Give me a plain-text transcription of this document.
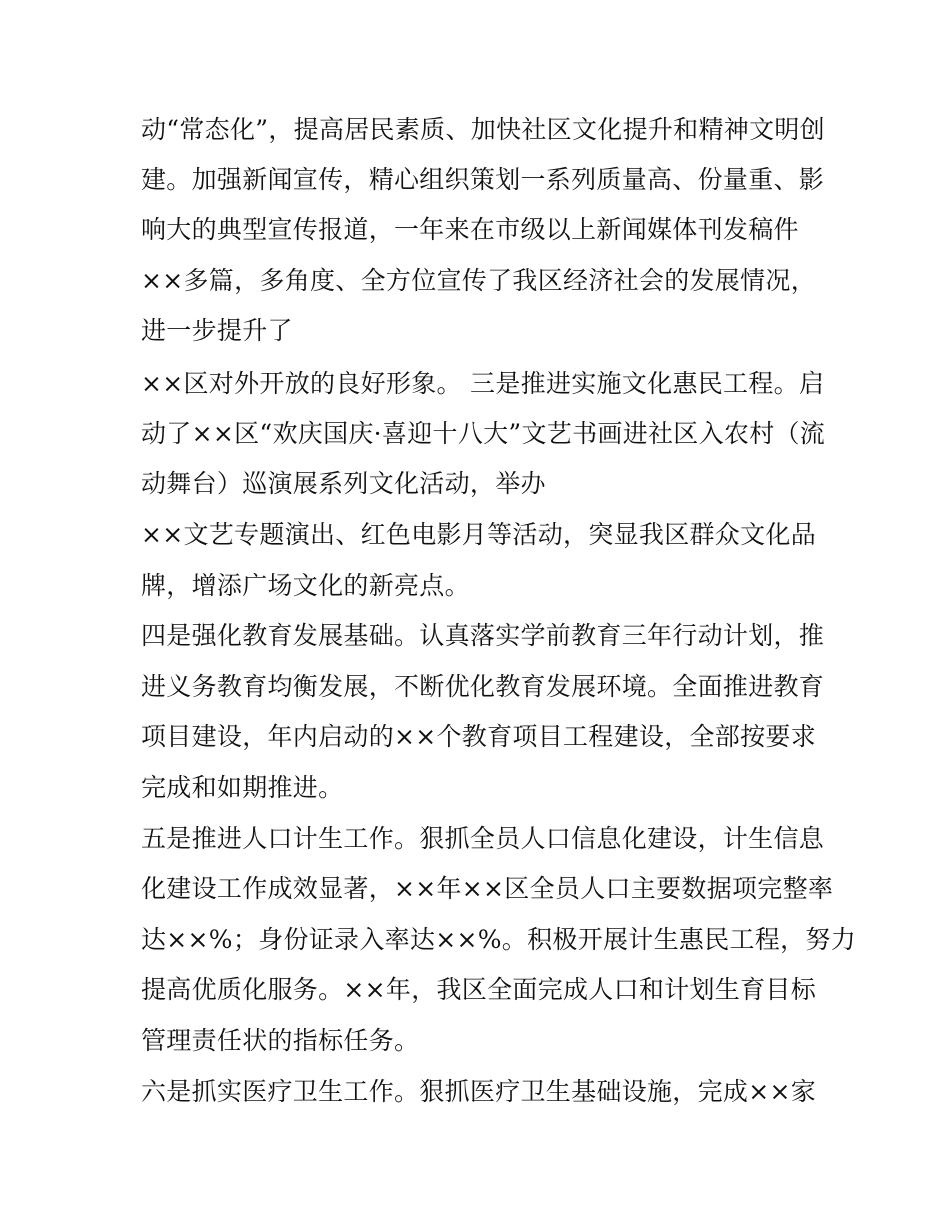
动“常态化”，提高居民素质、加快社区文化提升和精神文明创
建。加强新闻宣传，精心组织策划一系列质量高、份量重、影
响大的典型宣传报道，一年来在市级以上新闻媒体刊发稿件
××多篇，多角度、全方位宣传了我区经济社会的发展情况，
进一步提升了
××区对外开放的良好形象。 三是推进实施文化惠民工程。启
动了××区“欢庆国庆·喜迎十八大”文艺书画进社区入农村（流
动舞台）巡演展系列文化活动，举办
××文艺专题演出、红色电影月等活动，突显我区群众文化品
牌，增添广场文化的新亮点。
四是强化教育发展基础。认真落实学前教育三年行动计划，推
进义务教育均衡发展，不断优化教育发展环境。全面推进教育
项目建设，年内启动的××个教育项目工程建设，全部按要求
完成和如期推进。
五是推进人口计生工作。狠抓全员人口信息化建设，计生信息
化建设工作成效显著，××年××区全员人口主要数据项完整率
达××%；身份证录入率达××%。积极开展计生惠民工程，努力
提高优质化服务。××年，我区全面完成人口和计划生育目标
管理责任状的指标任务。
六是抓实医疗卫生工作。狠抓医疗卫生基础设施，完成××家
